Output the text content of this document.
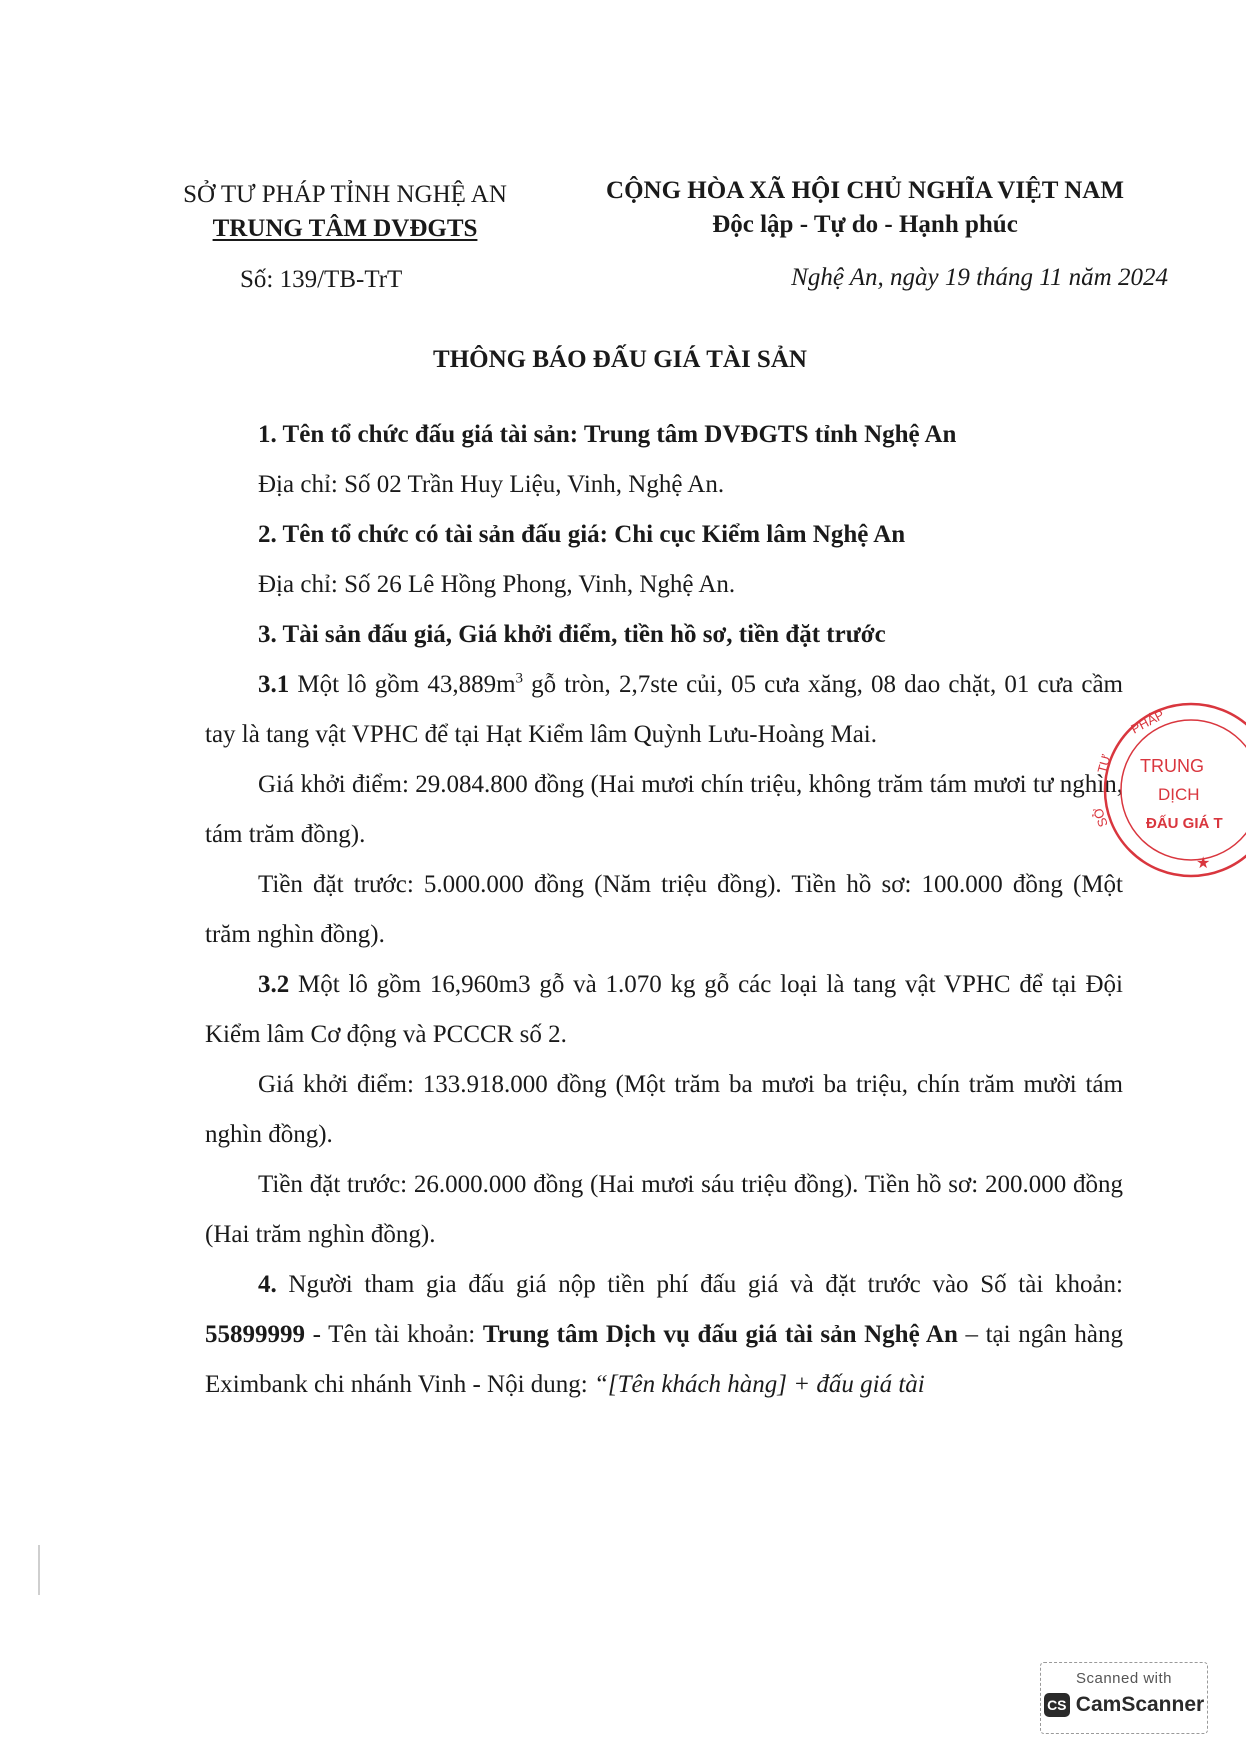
SỞ TƯ PHÁP TỈNH NGHỆ AN
TRUNG TÂM DVĐGTS
CỘNG HÒA XÃ HỘI CHỦ NGHĨA VIỆT NAM
Độc lập - Tự do - Hạnh phúc
Số: 139/TB-TrT	Nghệ An, ngày 19 tháng 11 năm 2024
THÔNG BÁO ĐẤU GIÁ TÀI SẢN

1. Tên tổ chức đấu giá tài sản: Trung tâm DVĐGTS tỉnh Nghệ An

Địa chỉ: Số 02 Trần Huy Liệu, Vinh, Nghệ An.

2. Tên tổ chức có tài sản đấu giá: Chi cục Kiểm lâm Nghệ An

Địa chỉ: Số 26 Lê Hồng Phong, Vinh, Nghệ An.

3. Tài sản đấu giá, Giá khởi điểm, tiền hồ sơ, tiền đặt trước

3.1 Một lô gồm $43,889m^3$ gỗ tròn, 2,7ste củi, 05 cưa xăng, 08 dao chặt, 01 cưa cầm tay là tang vật VPHC để tại Hạt Kiểm lâm Quỳnh Lưu-Hoàng Mai.

Giá khởi điểm: 29.084.800 đồng (Hai mươi chín triệu, không trăm tám mươi tư nghìn, tám trăm đồng).

Tiền đặt trước: 5.000.000 đồng (Năm triệu đồng). Tiền hồ sơ: 100.000 đồng (Một trăm nghìn đồng).

3.2 Một lô gồm 16,960m3 gỗ và 1.070 kg gỗ các loại là tang vật VPHC để tại Đội Kiểm lâm Cơ động và PCCCR số 2.

Giá khởi điểm: 133.918.000 đồng (Một trăm ba mươi ba triệu, chín trăm mười tám nghìn đồng).

Tiền đặt trước: 26.000.000 đồng (Hai mươi sáu triệu đồng). Tiền hồ sơ: 200.000 đồng (Hai trăm nghìn đồng).

4. Người tham gia đấu giá nộp tiền phí đấu giá và đặt trước vào Số tài khoản: 55899999 - Tên tài khoản: Trung tâm Dịch vụ đấu giá tài sản Nghệ An – tại ngân hàng Eximbank chi nhánh Vinh - Nội dung: “[Tên khách hàng] + đấu giá tài

PHÁP
TƯ
SỞ
TRUNG
DỊCH
ĐẤU GIÁ T
★
Scanned with
CS CamScanner
